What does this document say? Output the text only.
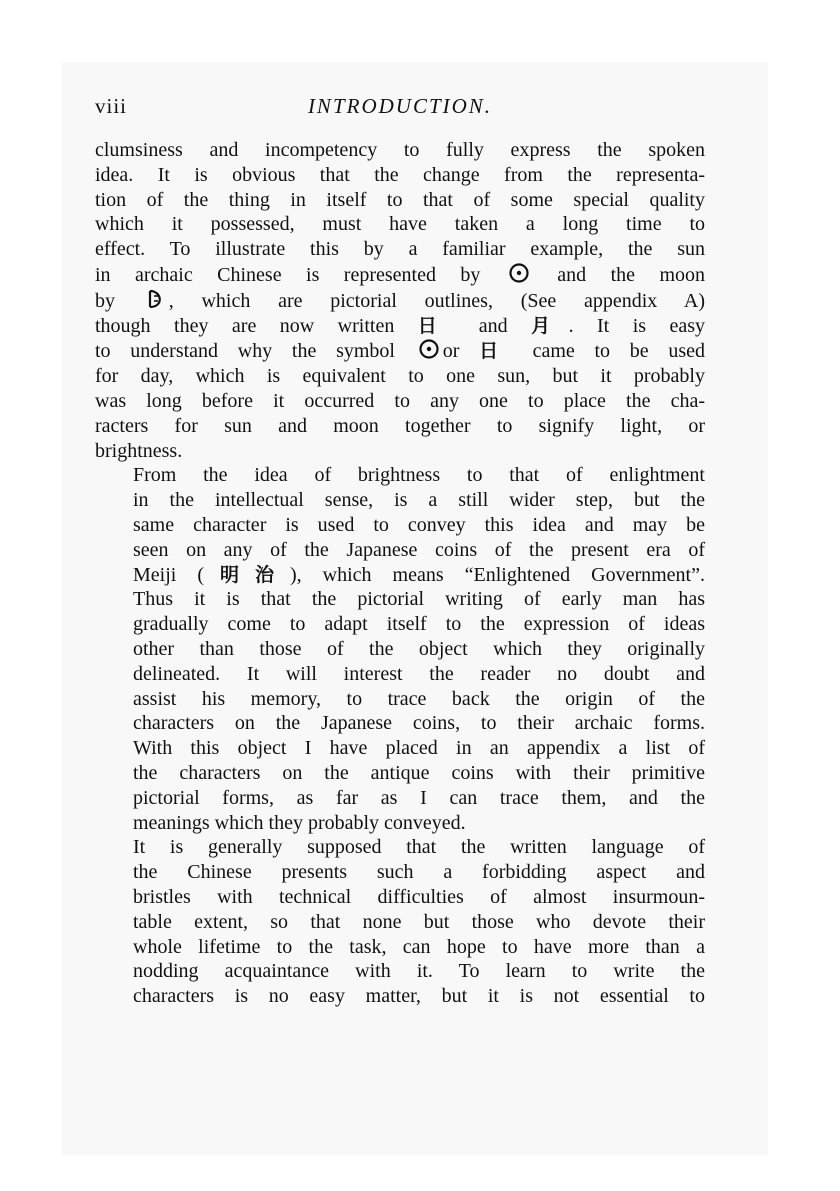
viii	INTRODUCTION.

clumsiness and incompetency to fully express the spoken
idea. It is obvious that the change from the representa-
tion of the thing in itself to that of some special quality
which it possessed, must have taken a long time to
effect. To illustrate this by a familiar example, the sun
in archaic Chinese is represented by	and the moon
by	, which are pictorial outlines, (See appendix A)
though they are now written 日 and 月. It is easy
to understand why the symbol or 日 came to be used
for day, which is equivalent to one sun, but it probably
was long before it occurred to any one to place the cha-
racters for sun and moon together to signify light, or
brightness.

From the idea of brightness to that of enlightment
in the intellectual sense, is a still wider step, but the
same character is used to convey this idea and may be
seen on any of the Japanese coins of the present era of
Meiji (明治), which means “Enlightened Government”.
Thus it is that the pictorial writing of early man has
gradually come to adapt itself to the expression of ideas
other than those of the object which they originally
delineated. It will interest the reader no doubt and
assist his memory, to trace back the origin of the
characters on the Japanese coins, to their archaic forms.
With this object I have placed in an appendix a list of
the characters on the antique coins with their primitive
pictorial forms, as far as I can trace them, and the
meanings which they probably conveyed.

It is generally supposed that the written language of
the Chinese presents such a forbidding aspect and
bristles with technical difficulties of almost insurmoun-
table extent, so that none but those who devote their
whole lifetime to the task, can hope to have more than a
nodding acquaintance with it. To learn to write the
characters is no easy matter, but it is not essential to
